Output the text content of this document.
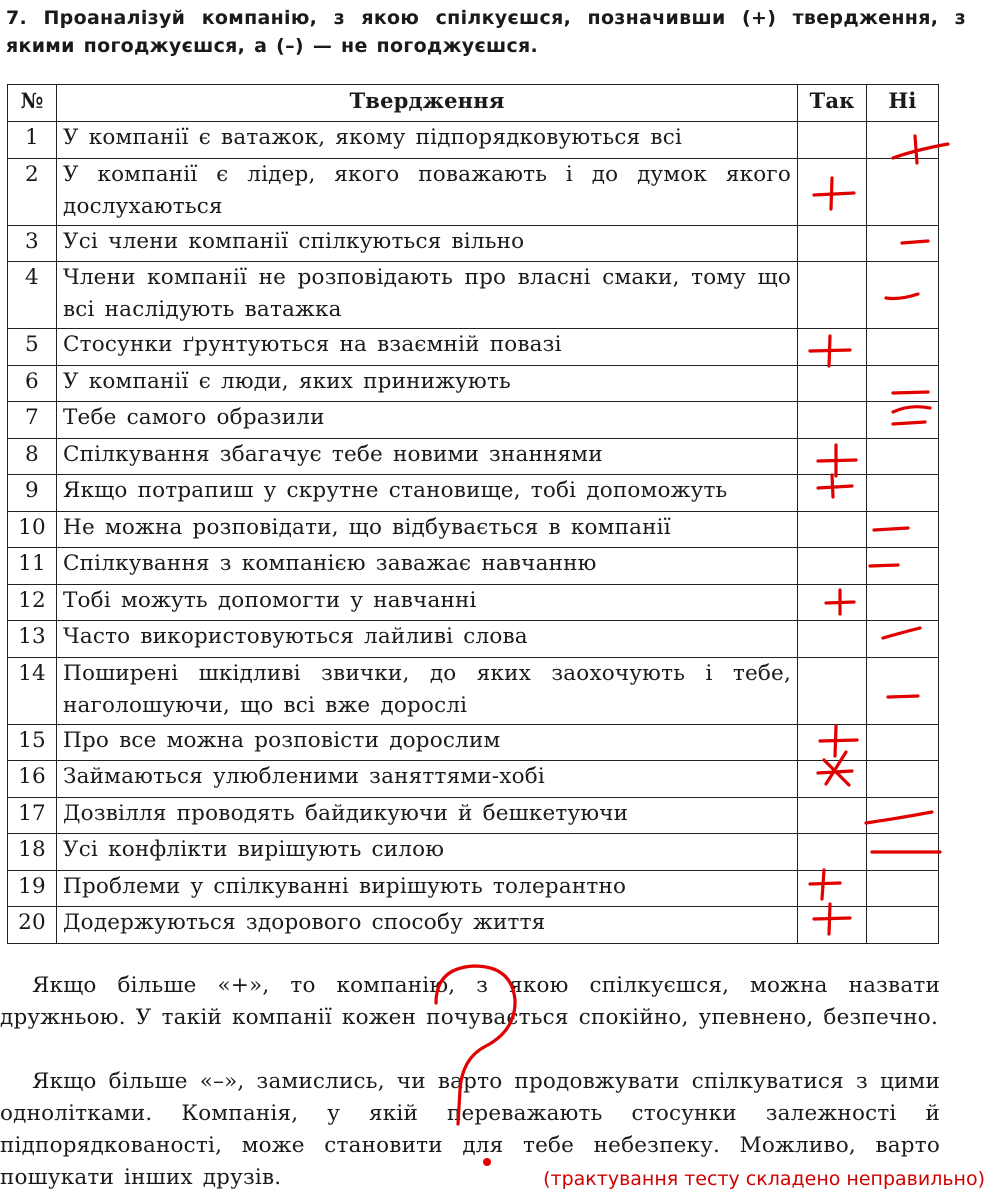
7. Проаналізуй компанію, з якою спілкуєшся, позначивши (+) твердження, з якими погоджуєшся, а (–) — не погоджуєшся.
№	Твердження	Так	Ні
1	У компанії є ватажок, якому підпорядковуються всі		
2	У компанії є лідер, якого поважають і до думок якого дослухаються		
3	Усі члени компанії спілкуються вільно		
4	Члени компанії не розповідають про власні смаки, тому що всі наслідують ватажка		
5	Стосунки ґрунтуються на взаємній повазі		
6	У компанії є люди, яких принижують		
7	Тебе самого образили		
8	Спілкування збагачує тебе новими знаннями		
9	Якщо потрапиш у скрутне становище, тобі допоможуть		
10	Не можна розповідати, що відбувається в компанії		
11	Спілкування з компанією заважає навчанню		
12	Тобі можуть допомогти у навчанні		
13	Часто використовуються лайливі слова		
14	Поширені шкідливі звички, до яких заохочують і тебе, наголошуючи, що всі вже дорослі		
15	Про все можна розповісти дорослим		
16	Займаються улюбленими заняттями-хобі		
17	Дозвілля проводять байдикуючи й бешкетуючи		
18	Усі конфлікти вирішують силою		
19	Проблеми у спілкуванні вирішують толерантно		
20	Додержуються здорового способу життя		

Якщо більше «+», то компанію, з якою спілкуєшся, можна назвати дружньою. У такій компанії кожен почувається спокійно, упевнено, безпечно.

Якщо більше «–», замислись, чи варто продовжувати спілкуватися з цими однолітками. Компанія, у якій переважають стосунки залежності й підпорядкованості, може становити для тебе небезпеку. Можливо, варто пошукати інших друзів.	(трактування тесту складено неправильно)
